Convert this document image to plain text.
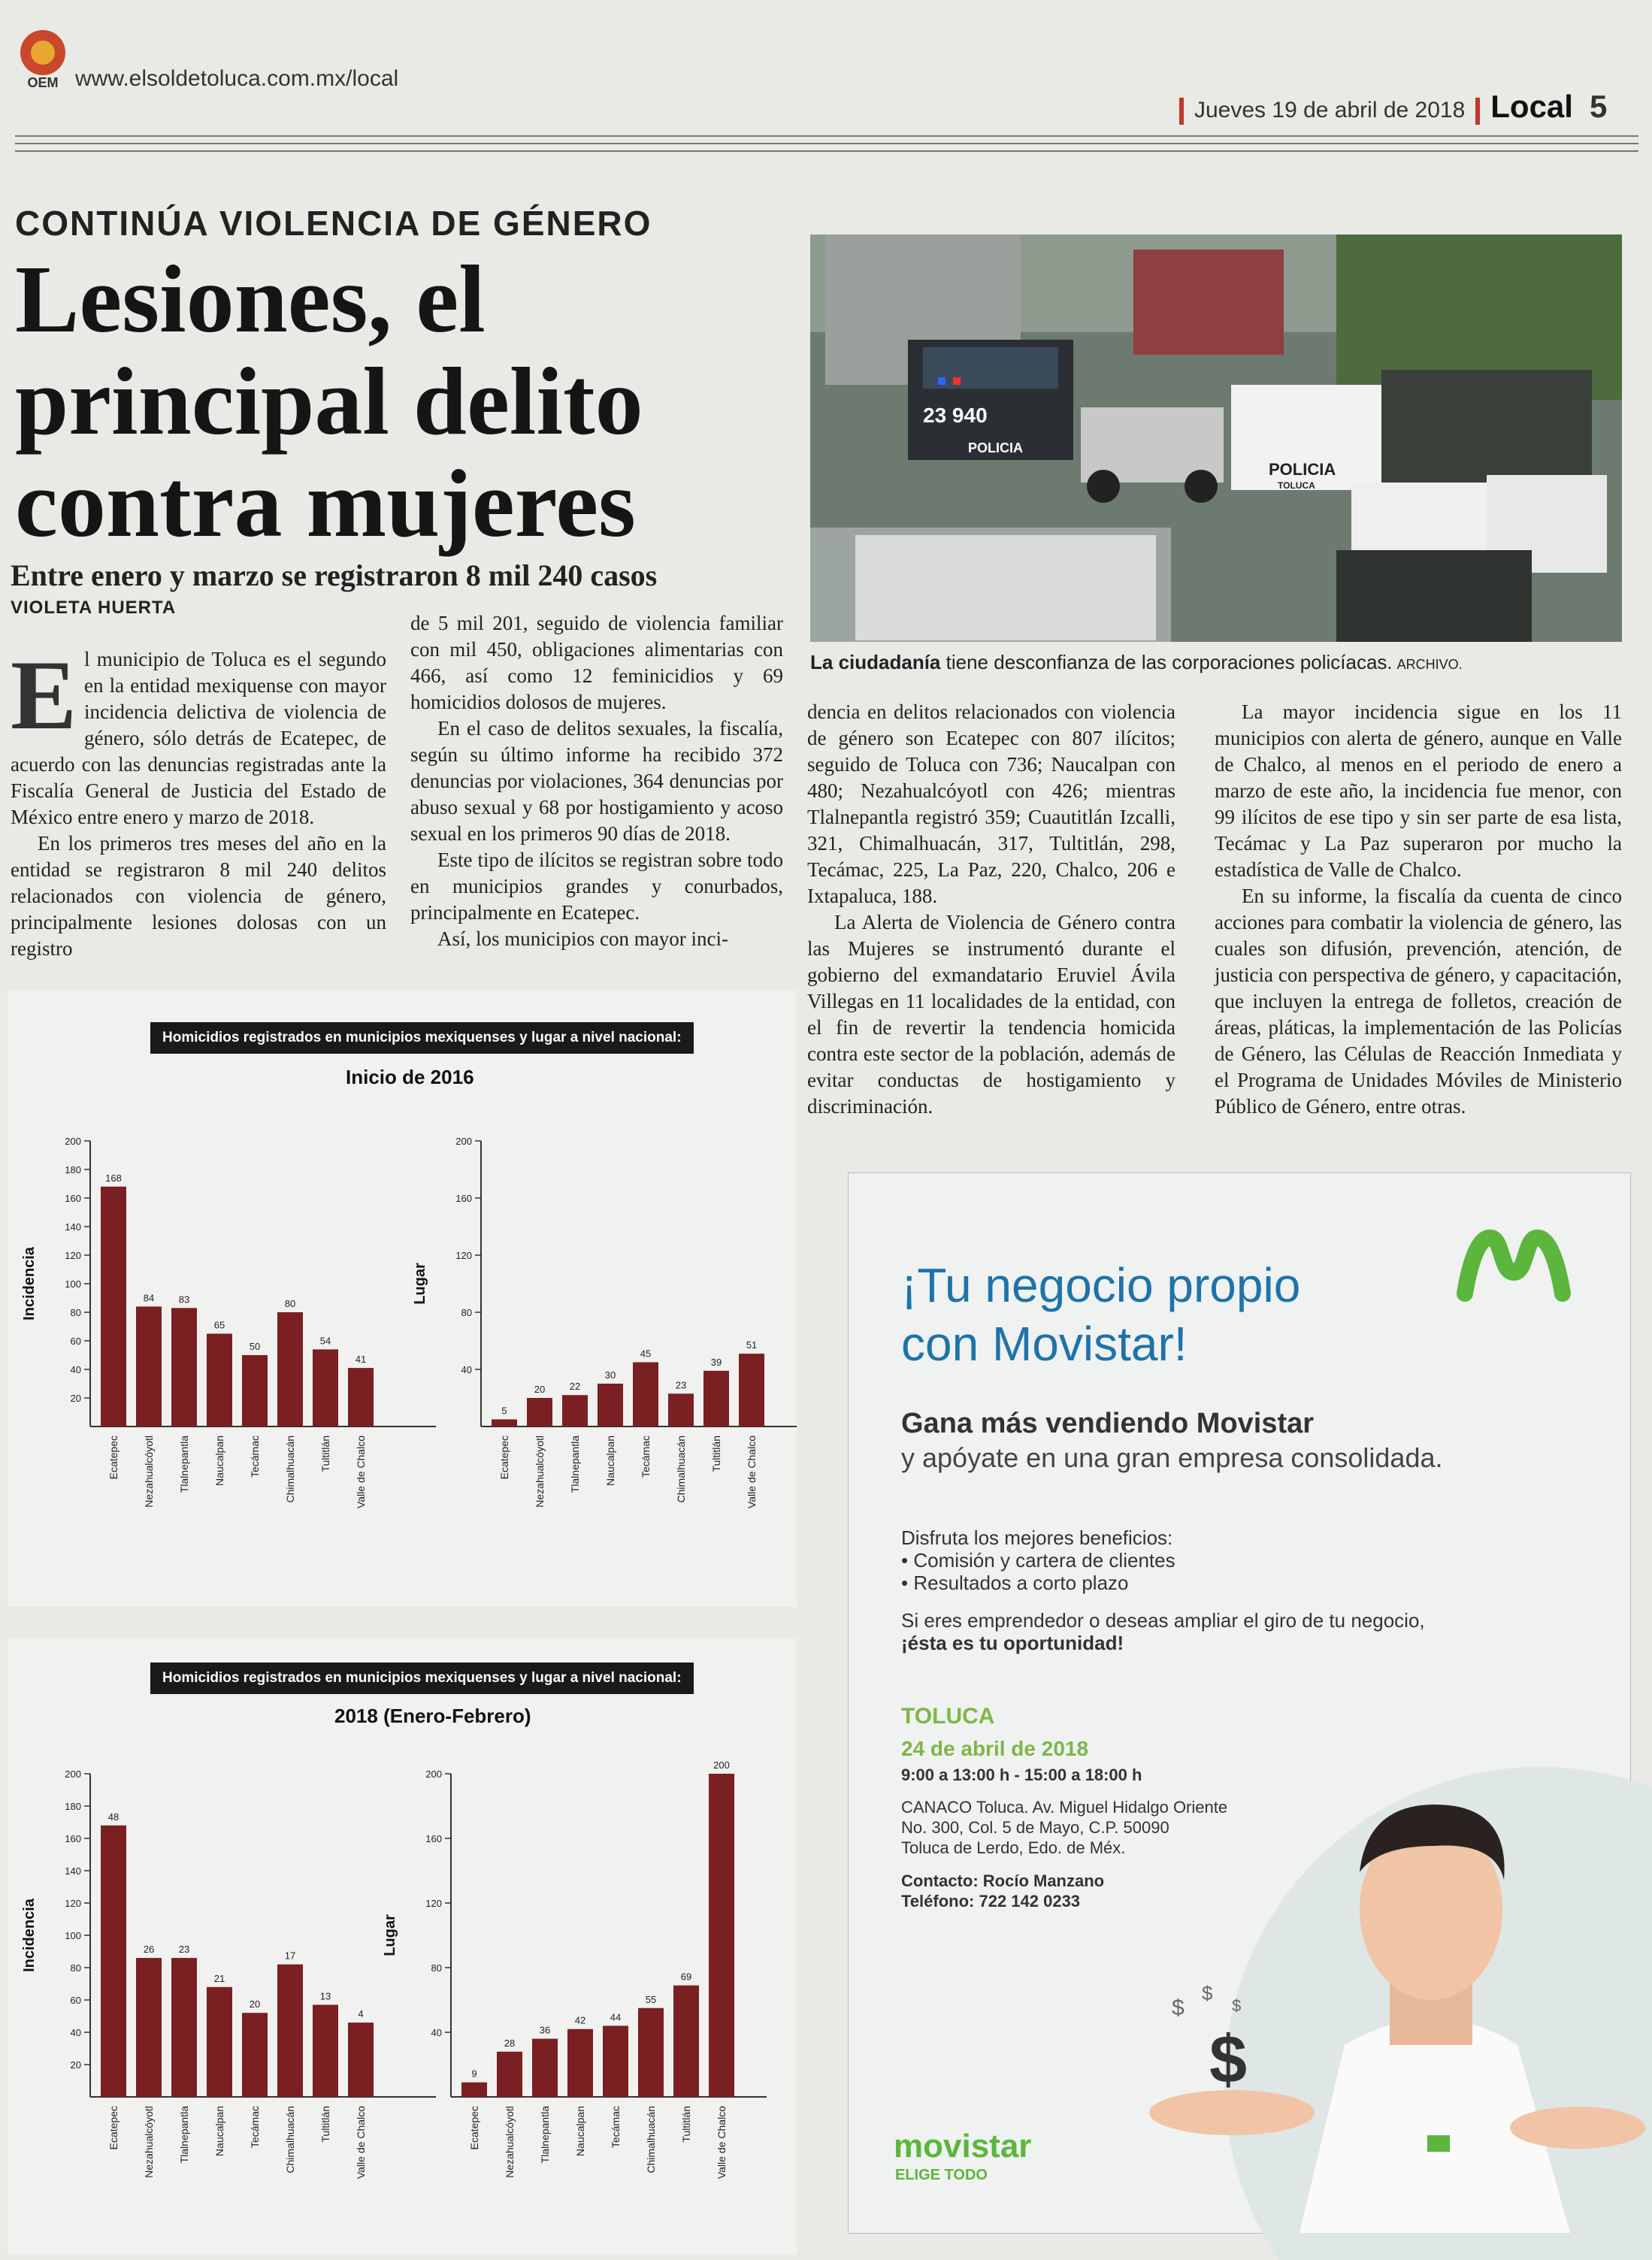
OEM www.elsoldetoluca.com.mx/local
Jueves 19 de abril de 2018 Local 5
CONTINÚA VIOLENCIA DE GÉNERO
Lesiones, el principal delito contra mujeres
Entre enero y marzo se registraron 8 mil 240 casos
VIOLETA HUERTA
E l municipio de Toluca es el segundo en la entidad mexiquense con mayor incidencia delictiva de violencia de género, sólo detrás de Ecatepec, de acuerdo con las denuncias registradas ante la Fiscalía General de Justicia del Estado de México entre enero y marzo de 2018.

En los primeros tres meses del año en la entidad se registraron 8 mil 240 delitos relacionados con violencia de género, principalmente lesiones dolosas con un registro

de 5 mil 201, seguido de violencia familiar con mil 450, obligaciones alimentarias con 466, así como 12 feminicidios y 69 homicidios dolosos de mujeres.

En el caso de delitos sexuales, la fiscalía, según su último informe ha recibido 372 denuncias por violaciones, 364 denuncias por abuso sexual y 68 por hostigamiento y acoso sexual en los primeros 90 días de 2018.

Este tipo de ilícitos se registran sobre todo en municipios grandes y conurbados, principalmente en Ecatepec.

Así, los municipios con mayor inci-

dencia en delitos relacionados con violencia de género son Ecatepec con 807 ilícitos; seguido de Toluca con 736; Naucalpan con 480; Nezahualcóyotl con 426; mientras Tlalnepantla registró 359; Cuautitlán Izcalli, 321, Chimalhuacán, 317, Tultitlán, 298, Tecámac, 225, La Paz, 220, Chalco, 206 e Ixtapaluca, 188.

La Alerta de Violencia de Género contra las Mujeres se instrumentó durante el gobierno del exmandatario Eruviel Ávila Villegas en 11 localidades de la entidad, con el fin de revertir la tendencia homicida contra este sector de la población, además de evitar conductas de hostigamiento y discriminación.

La mayor incidencia sigue en los 11 municipios con alerta de género, aunque en Valle de Chalco, al menos en el periodo de enero a marzo de este año, la incidencia fue menor, con 99 ilícitos de ese tipo y sin ser parte de esa lista, Tecámac y La Paz superaron por mucho la estadística de Valle de Chalco.

En su informe, la fiscalía da cuenta de cinco acciones para combatir la violencia de género, las cuales son difusión, prevención, atención, de justicia con perspectiva de género, y capacitación, que incluyen la entrega de folletos, creación de áreas, pláticas, la implementación de las Policías de Género, las Células de Reacción Inmediata y el Programa de Unidades Móviles de Ministerio Público de Género, entre otras.

23 940
POLICIA
POLICIA
TOLUCA
La ciudadanía tiene desconfianza de las corporaciones policíacas. ARCHIVO.
Homicidios registrados en municipios mexiquenses y lugar a nivel nacional:
Inicio de 2016
20
40
60
80
100
120
140
160
180
200
Incidencia
168
Ecatepec
84
Nezahualcóyotl
83
Tlalnepantla
65
Naucalpan
50
Tecámac
80
Chimalhuacán
54
Tultitlán
41
Valle de Chalco
40
80
120
160
200
Lugar
5
Ecatepec
20
Nezahualcóyotl
22
Tlalnepantla
30
Naucalpan
45
Tecámac
23
Chimalhuacán
39
Tultitlán
51
Valle de Chalco
Homicidios registrados en municipios mexiquenses y lugar a nivel nacional:
2018 (Enero-Febrero)
20
40
60
80
100
120
140
160
180
200
Incidencia
48
Ecatepec
26
Nezahualcóyotl
23
Tlalnepantla
21
Naucalpan
20
Tecámac
17
Chimalhuacán
13
Tultitlán
4
Valle de Chalco
40
80
120
160
200
Lugar
9
Ecatepec
28
Nezahualcóyotl
36
Tlalnepantla
42
Naucalpan
44
Tecámac
55
Chimalhuacán
69
Tultitlán
200
Valle de Chalco
¡Tu negocio propio
con Movistar!
Gana más vendiendo Movistar
y apóyate en una gran empresa consolidada.
Disfruta los mejores beneficios:
• Comisión y cartera de clientes
• Resultados a corto plazo
Si eres emprendedor o deseas ampliar el giro de tu negocio,
¡ésta es tu oportunidad!
TOLUCA
24 de abril de 2018
9:00 a 13:00 h - 15:00 a 18:00 h
CANACO Toluca. Av. Miguel Hidalgo Oriente
No. 300, Col. 5 de Mayo, C.P. 50090
Toluca de Lerdo, Edo. de Méx.
Contacto: Rocío Manzano
Teléfono: 722 142 0233
$
$
$
$
movistar
ELIGE TODO
